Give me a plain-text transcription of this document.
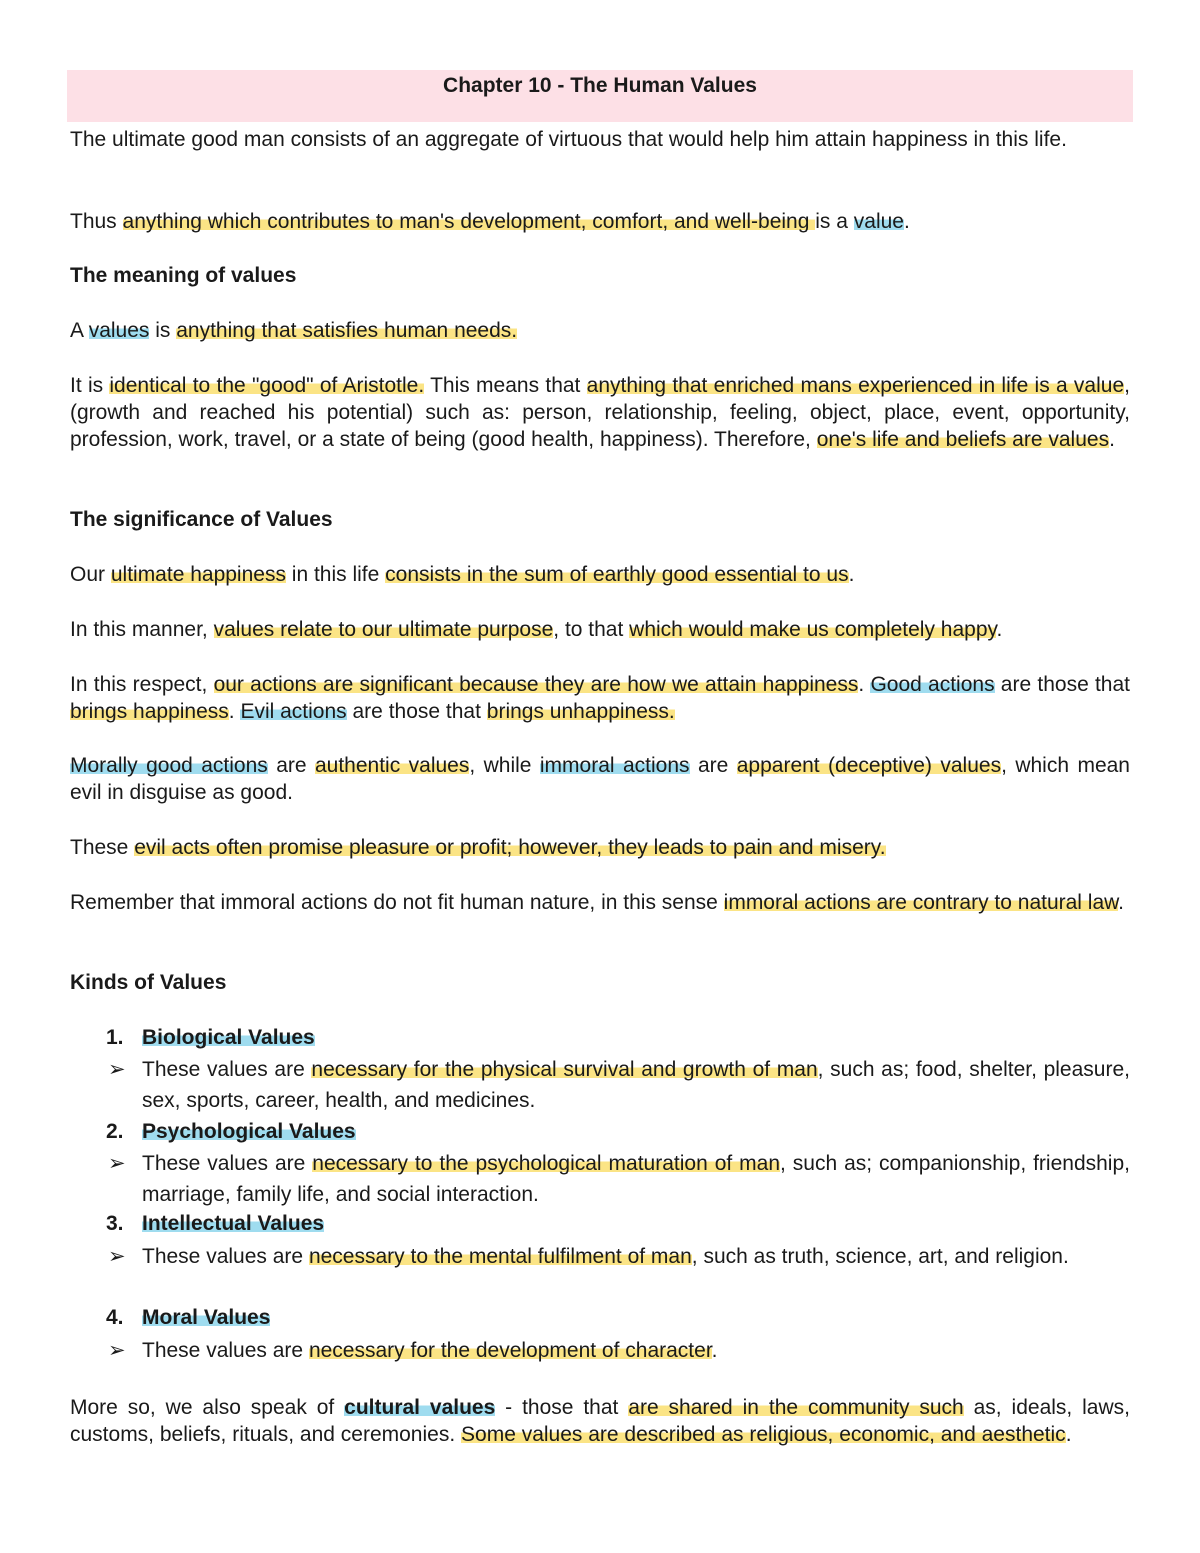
Chapter 10 - The Human Values
The ultimate good man consists of an aggregate of virtuous that would help him attain happiness in this life.
Thus anything which contributes to man's development, comfort, and well-being is a value.
The meaning of values
A values is anything that satisfies human needs.
It is identical to the "good" of Aristotle. This means that anything that enriched mans experienced in life is a value, (growth and reached his potential) such as: person, relationship, feeling, object, place, event, opportunity, profession, work, travel, or a state of being (good health, happiness). Therefore, one's life and beliefs are values.
The significance of Values
Our ultimate happiness in this life consists in the sum of earthly good essential to us.
In this manner, values relate to our ultimate purpose, to that which would make us completely happy.
In this respect, our actions are significant because they are how we attain happiness. Good actions are those that brings happiness. Evil actions are those that brings unhappiness.
Morally good actions are authentic values, while immoral actions are apparent (deceptive) values, which mean evil in disguise as good.
These evil acts often promise pleasure or profit; however, they leads to pain and misery.
Remember that immoral actions do not fit human nature, in this sense immoral actions are contrary to natural law.
Kinds of Values
1. Biological Values
➢ These values are necessary for the physical survival and growth of man, such as; food, shelter, pleasure, sex, sports, career, health, and medicines.
2. Psychological Values
➢ These values are necessary to the psychological maturation of man, such as; companionship, friendship, marriage, family life, and social interaction.
3. Intellectual Values
➢ These values are necessary to the mental fulfilment of man, such as truth, science, art, and religion.
4. Moral Values
➢ These values are necessary for the development of character.
More so, we also speak of cultural values - those that are shared in the community such as, ideals, laws, customs, beliefs, rituals, and ceremonies. Some values are described as religious, economic, and aesthetic.
